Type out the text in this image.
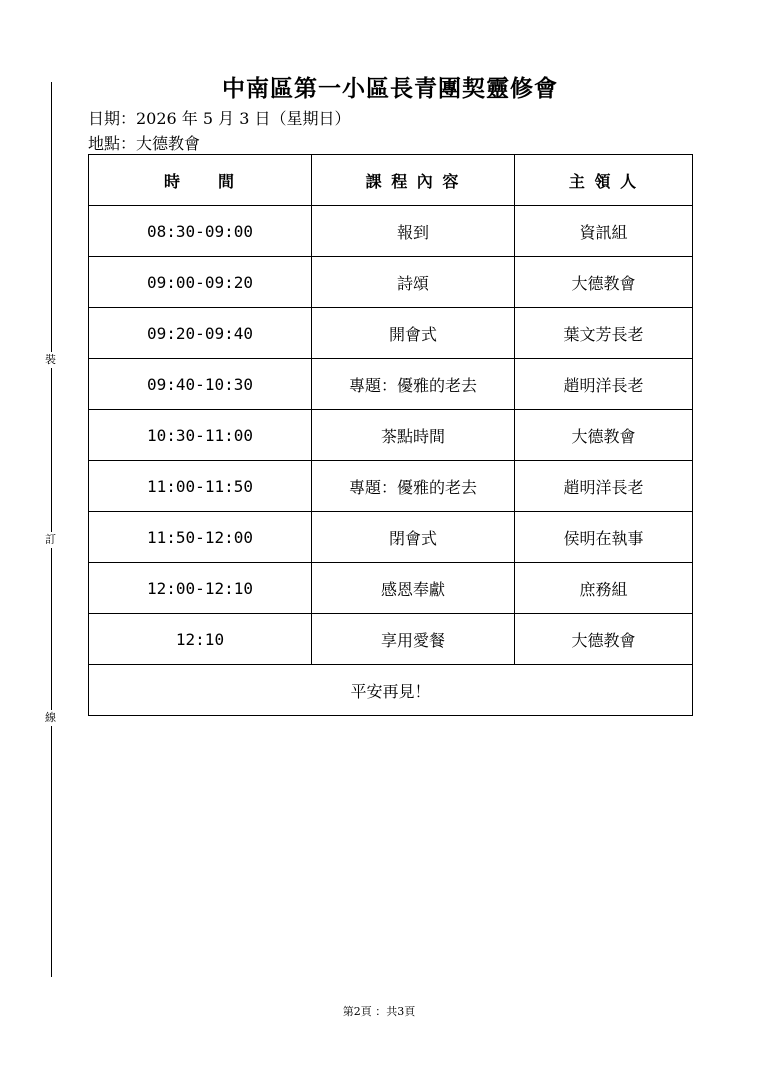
裝
訂
線
中南區第一小區長青團契靈修會
日期：2026 年 5 月 3 日（星期日）
地點：大德教會
時　　間	課 程 內 容	主 領 人
08:30-09:00	報到	資訊組
09:00-09:20	詩頌	大德教會
09:20-09:40	開會式	葉文芳長老
09:40-10:30	專題：優雅的老去	趙明洋長老
10:30-11:00	茶點時間	大德教會
11:00-11:50	專題：優雅的老去	趙明洋長老
11:50-12:00	閉會式	侯明在執事
12:00-12:10	感恩奉獻	庶務組
12:10	享用愛餐	大德教會
平安再見！		
第2頁 ：共3頁
